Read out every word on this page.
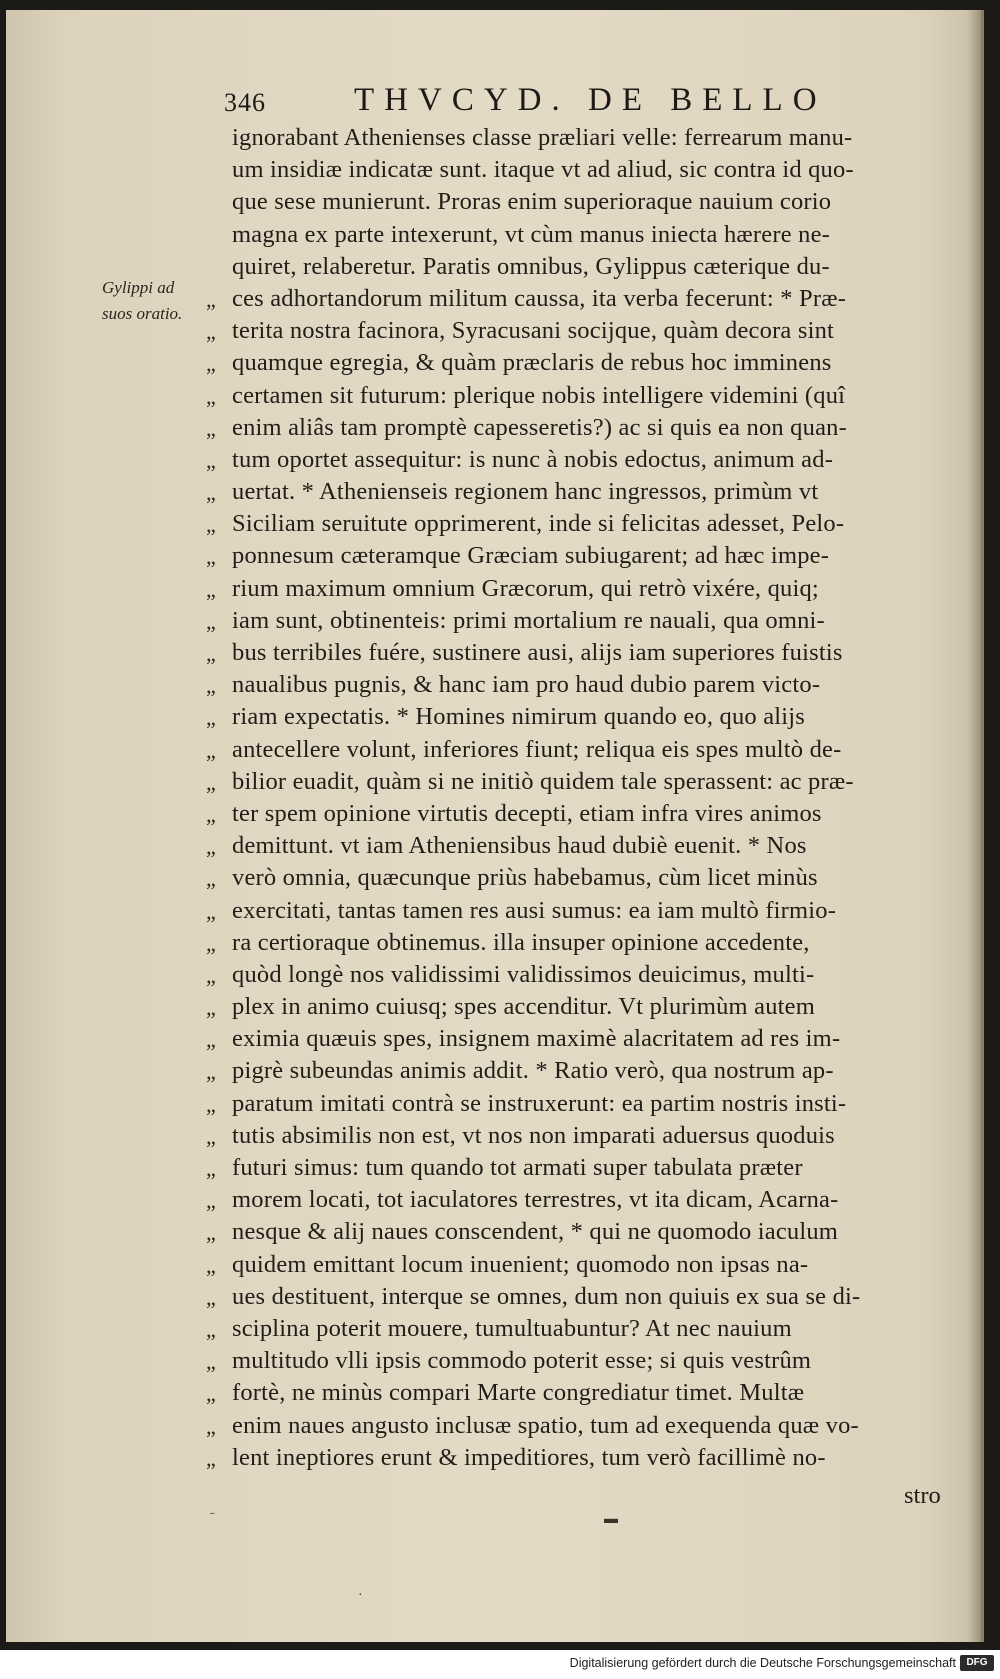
346	THVCYD. DE BELLO
Gylippi ad
suos oratio.
ignorabant Athenienses classe præliari velle: ferrearum manu-
um insidiæ indicatæ sunt. itaque vt ad aliud, sic contra id quo-
que sese munierunt. Proras enim superioraque nauium corio
magna ex parte intexerunt, vt cùm manus iniecta hærere ne-
quiret, relaberetur. Paratis omnibus, Gylippus cæterique du-
„ ces adhortandorum militum caussa, ita verba fecerunt: * Præ-
„ terita nostra facinora, Syracusani socijque, quàm decora sint
„ quamque egregia, & quàm præclaris de rebus hoc imminens
„ certamen sit futurum: plerique nobis intelligere videmini (quî
„ enim aliâs tam promptè capesseretis?) ac si quis ea non quan-
„ tum oportet assequitur: is nunc à nobis edoctus, animum ad-
„ uertat. * Athenienseis regionem hanc ingressos, primùm vt
„ Siciliam seruitute opprimerent, inde si felicitas adesset, Pelo-
„ ponnesum cæteramque Græciam subiugarent; ad hæc impe-
„ rium maximum omnium Græcorum, qui retrò vixére, quiq;
„ iam sunt, obtinenteis: primi mortalium re nauali, qua omni-
„ bus terribiles fuére, sustinere ausi, alijs iam superiores fuistis
„ naualibus pugnis, & hanc iam pro haud dubio parem victo-
„ riam expectatis. * Homines nimirum quando eo, quo alijs
„ antecellere volunt, inferiores fiunt; reliqua eis spes multò de-
„ bilior euadit, quàm si ne initiò quidem tale sperassent: ac præ-
„ ter spem opinione virtutis decepti, etiam infra vires animos
„ demittunt. vt iam Atheniensibus haud dubiè euenit. * Nos
„ verò omnia, quæcunque priùs habebamus, cùm licet minùs
„ exercitati, tantas tamen res ausi sumus: ea iam multò firmio-
„ ra certioraque obtinemus. illa insuper opinione accedente,
„ quòd longè nos validissimi validissimos deuicimus, multi-
„ plex in animo cuiusq; spes accenditur. Vt plurimùm autem
„ eximia quæuis spes, insignem maximè alacritatem ad res im-
„ pigrè subeundas animis addit. * Ratio verò, qua nostrum ap-
„ paratum imitati contrà se instruxerunt: ea partim nostris insti-
„ tutis absimilis non est, vt nos non imparati aduersus quoduis
„ futuri simus: tum quando tot armati super tabulata præter
„ morem locati, tot iaculatores terrestres, vt ita dicam, Acarna-
„ nesque & alij naues conscendent, * qui ne quomodo iaculum
„ quidem emittant locum inuenient; quomodo non ipsas na-
„ ues destituent, interque se omnes, dum non quiuis ex sua se di-
„ sciplina poterit mouere, tumultuabuntur? At nec nauium
„ multitudo vlli ipsis commodo poterit esse; si quis vestrûm
„ fortè, ne minùs compari Marte congrediatur timet. Multæ
„ enim naues angusto inclusæ spatio, tum ad exequenda quæ vo-
„ lent ineptiores erunt & impeditiores, tum verò facillimè no-
stro
˗	▬
·
Digitalisierung gefördert durch die Deutsche Forschungsgemeinschaft	DFG
